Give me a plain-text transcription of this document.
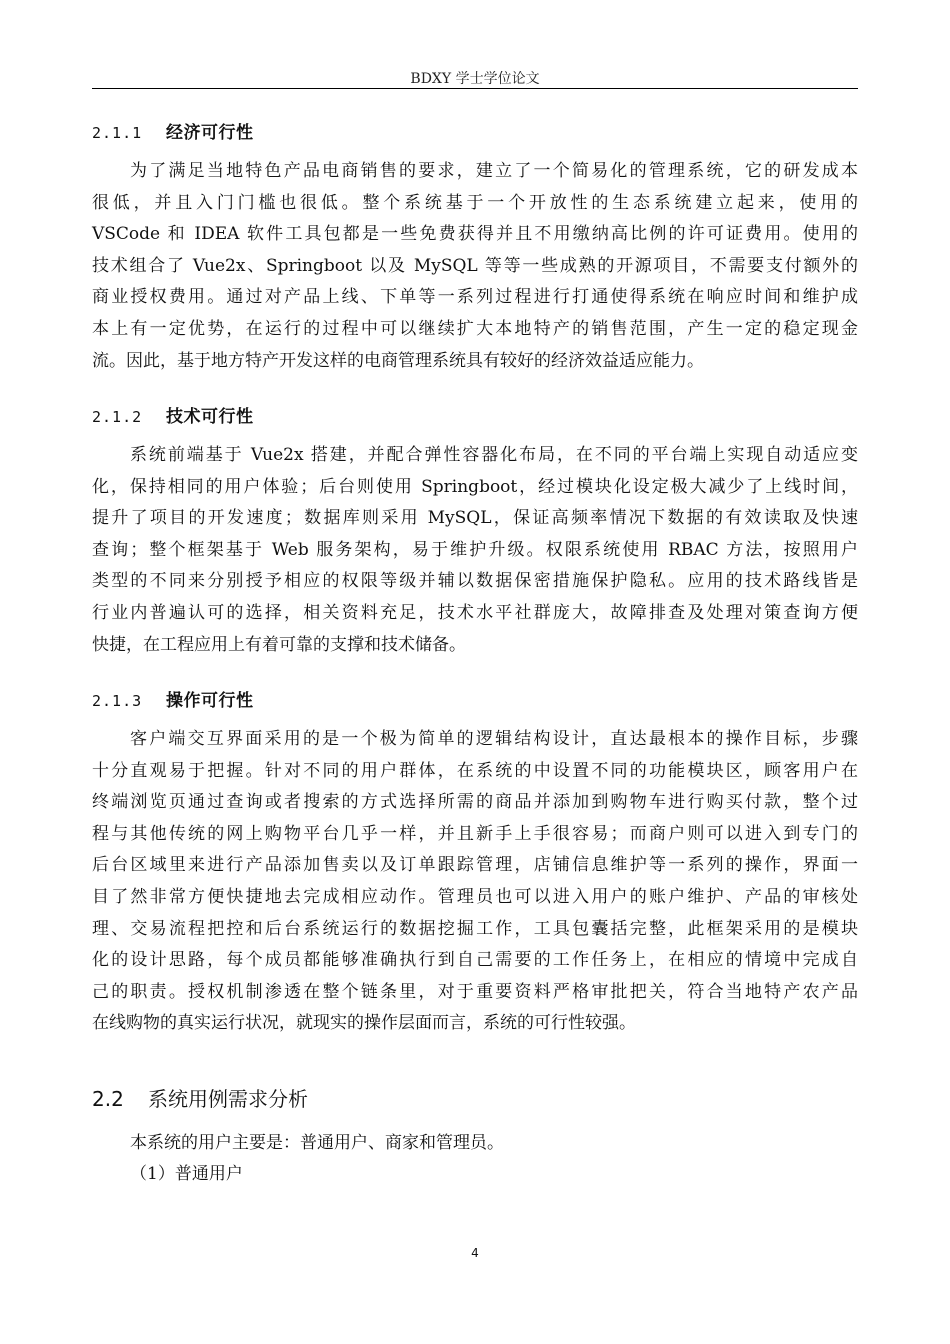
BDXY 学士学位论文
2.1.1 经济可行性
为了满足当地特色产品电商销售的要求，建立了一个简易化的管理系统，它的研发成本
很低，并且入门门槛也很低。整个系统基于一个开放性的生态系统建立起来，使用的
VSCode 和 IDEA 软件工具包都是一些免费获得并且不用缴纳高比例的许可证费用。使用的
技术组合了 Vue2x、Springboot 以及 MySQL 等等一些成熟的开源项目，不需要支付额外的
商业授权费用。通过对产品上线、下单等一系列过程进行打通使得系统在响应时间和维护成
本上有一定优势，在运行的过程中可以继续扩大本地特产的销售范围，产生一定的稳定现金
流。因此，基于地方特产开发这样的电商管理系统具有较好的经济效益适应能力。
2.1.2 技术可行性
系统前端基于 Vue2x 搭建，并配合弹性容器化布局，在不同的平台端上实现自动适应变
化，保持相同的用户体验；后台则使用 Springboot，经过模块化设定极大减少了上线时间，
提升了项目的开发速度；数据库则采用 MySQL，保证高频率情况下数据的有效读取及快速
查询；整个框架基于 Web 服务架构，易于维护升级。权限系统使用 RBAC 方法，按照用户
类型的不同来分别授予相应的权限等级并辅以数据保密措施保护隐私。应用的技术路线皆是
行业内普遍认可的选择，相关资料充足，技术水平社群庞大，故障排查及处理对策查询方便
快捷，在工程应用上有着可靠的支撑和技术储备。
2.1.3 操作可行性
客户端交互界面采用的是一个极为简单的逻辑结构设计，直达最根本的操作目标，步骤
十分直观易于把握。针对不同的用户群体，在系统的中设置不同的功能模块区，顾客用户在
终端浏览页通过查询或者搜索的方式选择所需的商品并添加到购物车进行购买付款，整个过
程与其他传统的网上购物平台几乎一样，并且新手上手很容易；而商户则可以进入到专门的
后台区域里来进行产品添加售卖以及订单跟踪管理，店铺信息维护等一系列的操作，界面一
目了然非常方便快捷地去完成相应动作。管理员也可以进入用户的账户维护、产品的审核处
理、交易流程把控和后台系统运行的数据挖掘工作，工具包囊括完整，此框架采用的是模块
化的设计思路，每个成员都能够准确执行到自己需要的工作任务上，在相应的情境中完成自
己的职责。授权机制渗透在整个链条里，对于重要资料严格审批把关，符合当地特产农产品
在线购物的真实运行状况，就现实的操作层面而言，系统的可行性较强。
2.2 系统用例需求分析
本系统的用户主要是：普通用户、商家和管理员。
（1）普通用户
4
